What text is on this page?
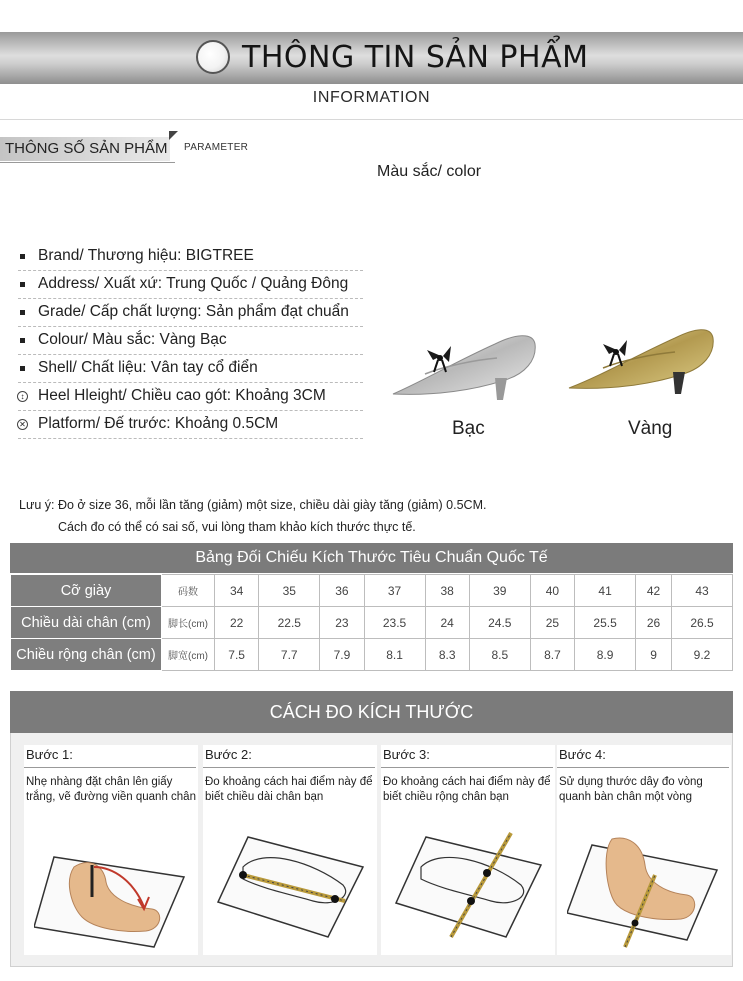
THÔNG TIN SẢN PHẨM
INFORMATION
THÔNG SỐ SẢN PHẨM PARAMETER
Màu sắc/ color
Brand/ Thương hiệu: BIGTREE
Address/ Xuất xứ: Trung Quốc / Quảng Đông
Grade/ Cấp chất lượng: Sản phẩm đạt chuẩn
Colour/ Màu sắc: Vàng Bạc
Shell/ Chất liệu: Vân tay cổ điển
↕ Heel Hleight/ Chiều cao gót: Khoảng 3CM
✕ Platform/ Đế trước: Khoảng 0.5CM	Bạc	Vàng
Lưu ý: Đo ở size 36, mỗi lần tăng (giảm) một size, chiều dài giày tăng (giảm) 0.5CM.
Cách đo có thể có sai số, vui lòng tham khảo kích thước thực tế.
Bảng Đối Chiếu Kích Thước Tiêu Chuẩn Quốc Tế
Cỡ giày	码数	34	35	36	37	38	39	40	41	42	43
Chiều dài chân (cm)	脚长(cm)	22	22.5	23	23.5	24	24.5	25	25.5	26	26.5
Chiều rộng chân (cm)	脚宽(cm)	7.5	7.7	7.9	8.1	8.3	8.5	8.7	8.9	9	9.2
CÁCH ĐO KÍCH THƯỚC
Bước 1:
Nhẹ nhàng đặt chân lên giấy trắng, vẽ đường viền quanh chân
Bước 2:
Đo khoảng cách hai điểm này để biết chiều dài chân bạn
Bước 3:
Đo khoảng cách hai điểm này để biết chiều rộng chân bạn
Bước 4:
Sử dụng thước dây đo vòng quanh bàn chân một vòng
